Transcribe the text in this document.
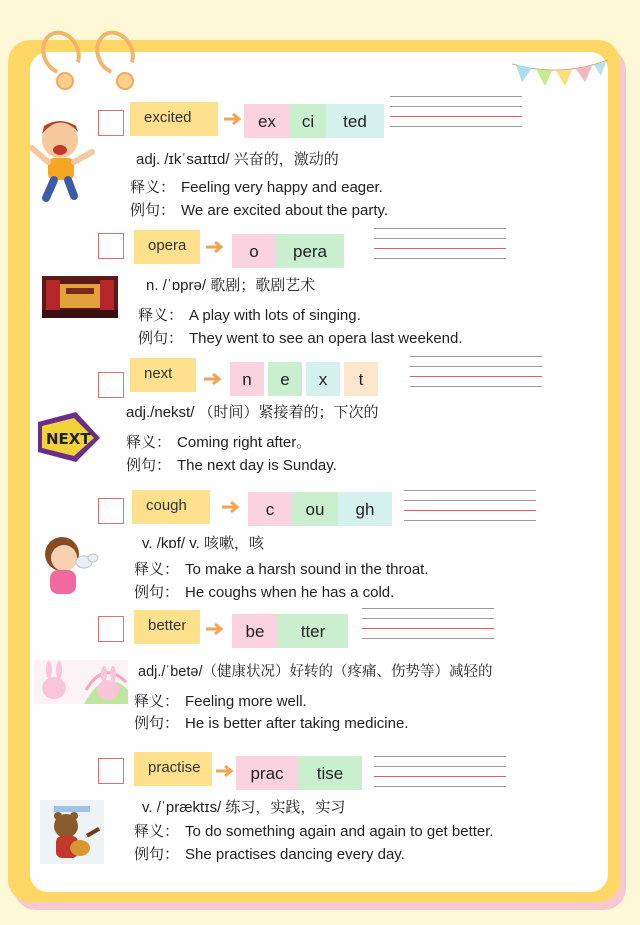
excited	ex	ci	ted
adj. /ɪkˈsaɪtɪd/ 兴奋的，激动的
释义： Feeling very happy and eager.
例句： We are excited about the party.
opera	o	pera
n. /ˈɒprə/ 歌剧；歌剧艺术
释义： A play with lots of singing.
例句： They went to see an opera last weekend.
NEXT
next	n	e	x	t
adj./nekst/ （时间）紧接着的；下次的
释义： Coming right after。
例句： The next day is Sunday.
cough	c	ou	gh
v. /kɒf/ v. 咳嗽，咳
释义： To make a harsh sound in the throat.
例句： He coughs when he has a cold.
better	be	tter
adj./ˈbetə/（健康状况）好转的（疼痛、伤势等）减轻的
释义： Feeling more well.
例句： He is better after taking medicine.
practise	prac	tise
v. /ˈpræktɪs/ 练习，实践，实习
释义： To do something again and again to get better.
例句： She practises dancing every day.
